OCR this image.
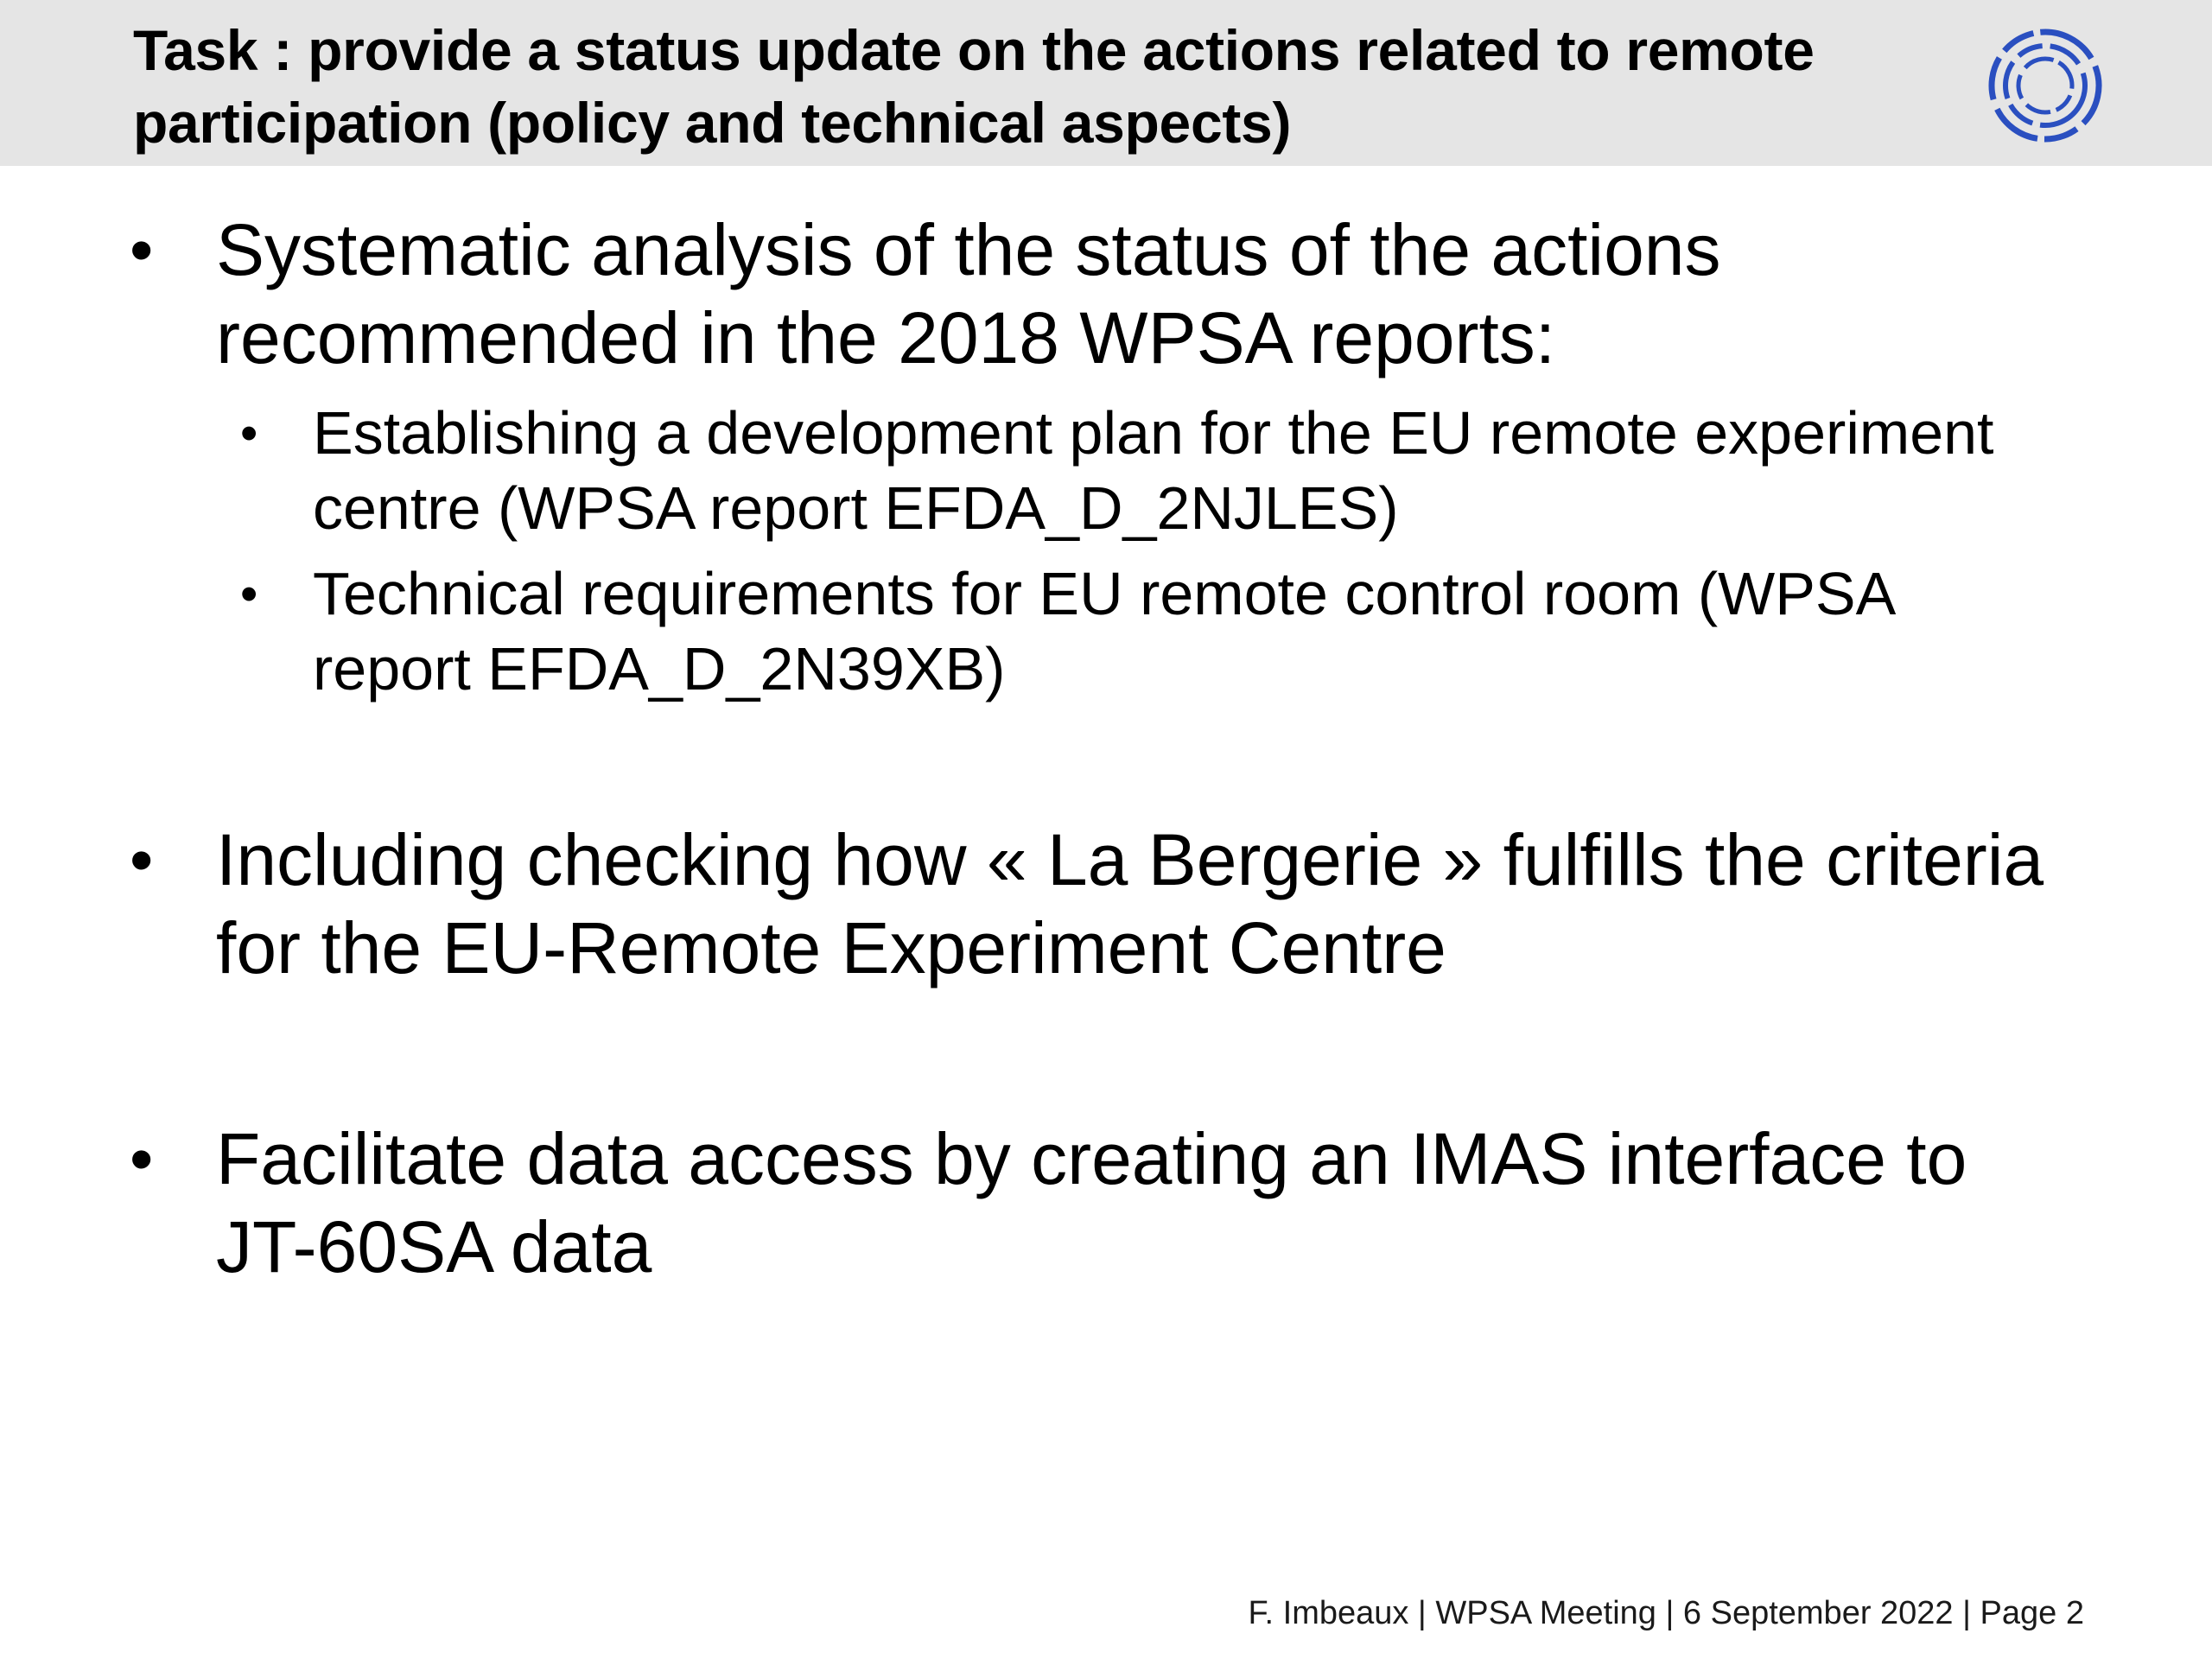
Task : provide a status update on the actions related to remote
participation (policy and technical aspects)
• Systematic analysis of the status of the actions
recommended in the 2018 WPSA reports:

• Establishing a development plan for the EU remote experiment
centre (WPSA report EFDA_D_2NJLES)

• Technical requirements for EU remote control room (WPSA
report EFDA_D_2N39XB)

• Including checking how « La Bergerie » fulfills the criteria
for the EU-Remote Experiment Centre

• Facilitate data access by creating an IMAS interface to
JT-60SA data

F. Imbeaux | WPSA Meeting | 6 September 2022 | Page 2
